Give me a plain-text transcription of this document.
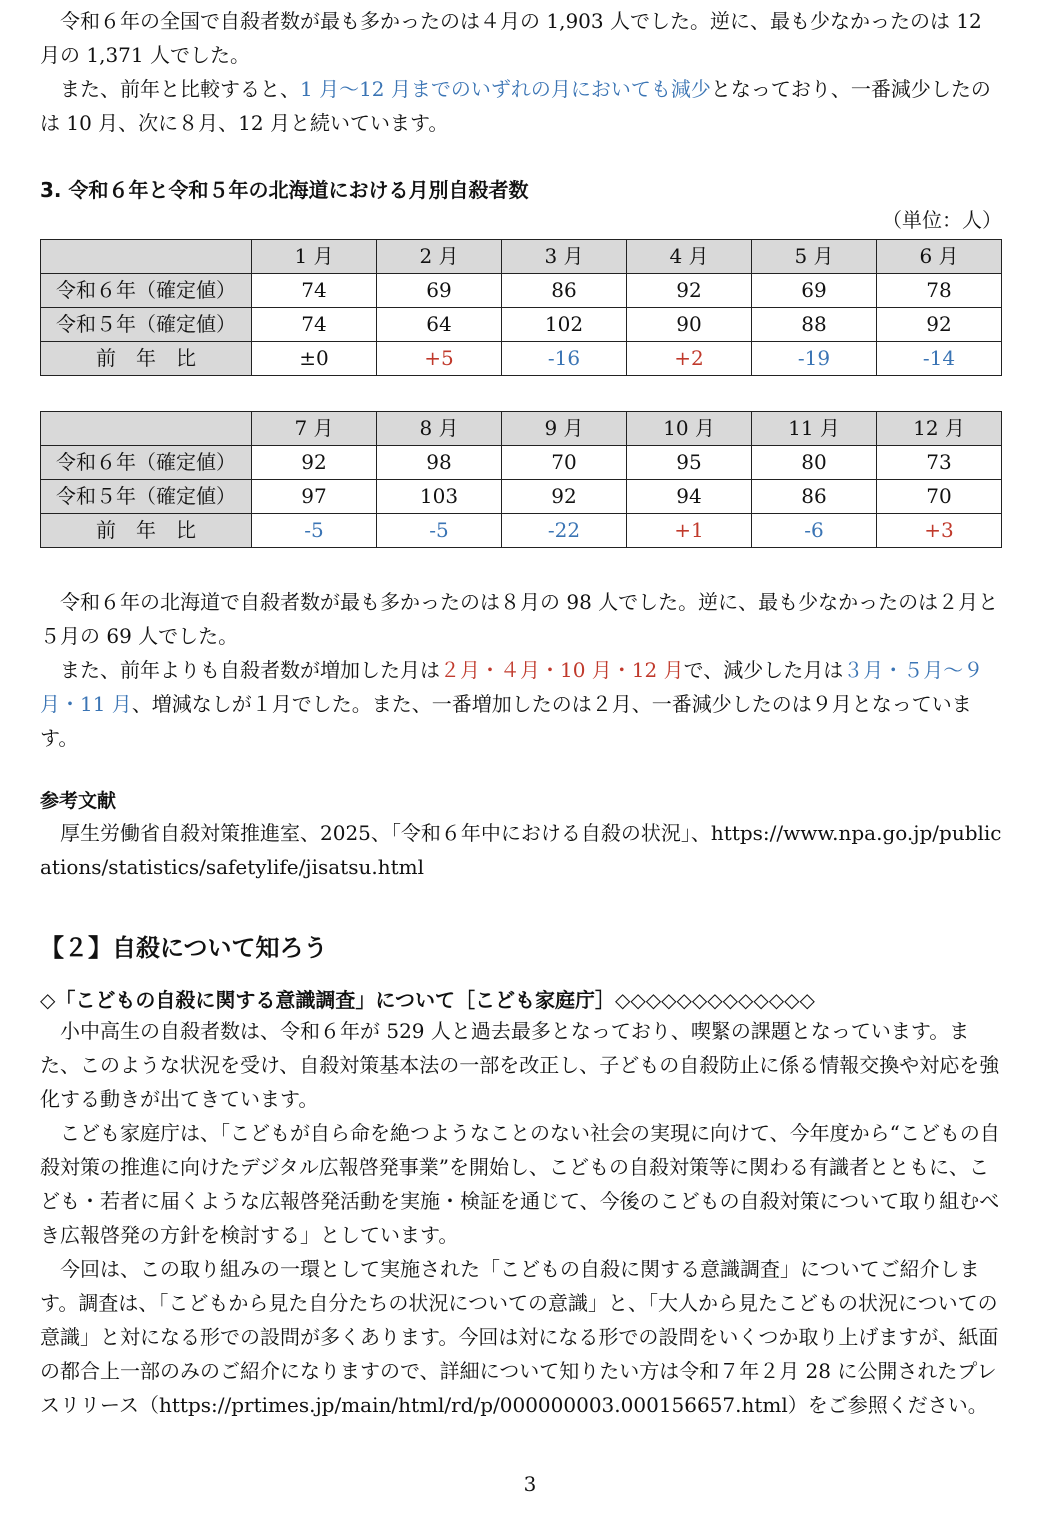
　令和６年の全国で自殺者数が最も多かったのは４月の 1,903 人でした。逆に、最も少なかったのは 12 月の 1,371 人でした。

　また、前年と比較すると、1 月〜12 月までのいずれの月においても減少となっており、一番減少したのは 10 月、次に８月、12 月と続いています。

3. 令和６年と令和５年の北海道における月別自殺者数
（単位：人）
	1 月	2 月	3 月	4 月	5 月	6 月
令和６年（確定値）	74	69	86	92	69	78
令和５年（確定値）	74	64	102	90	88	92
前　年　比	±0	+5	-16	+2	-19	-14
	7 月	8 月	9 月	10 月	11 月	12 月
令和６年（確定値）	92	98	70	95	80	73
令和５年（確定値）	97	103	92	94	86	70
前　年　比	-5	-5	-22	+1	-6	+3

　令和６年の北海道で自殺者数が最も多かったのは８月の 98 人でした。逆に、最も少なかったのは２月と５月の 69 人でした。

　また、前年よりも自殺者数が増加した月は２月・４月・10 月・12 月で、減少した月は３月・５月〜９月・11 月、増減なしが１月でした。また、一番増加したのは２月、一番減少したのは９月となっています。

参考文献

　厚生労働省自殺対策推進室、2025、「令和６年中における自殺の状況」、https://www.npa.go.jp/publications/statistics/safetylife/jisatsu.html

【２】自殺について知ろう
◇「こどもの自殺に関する意識調査」について［こども家庭庁］◇◇◇◇◇◇◇◇◇◇◇◇◇

　小中高生の自殺者数は、令和６年が 529 人と過去最多となっており、喫緊の課題となっています。また、このような状況を受け、自殺対策基本法の一部を改正し、子どもの自殺防止に係る情報交換や対応を強化する動きが出てきています。

　こども家庭庁は、「こどもが自ら命を絶つようなことのない社会の実現に向けて、今年度から“こどもの自殺対策の推進に向けたデジタル広報啓発事業”を開始し、こどもの自殺対策等に関わる有識者とともに、こども・若者に届くような広報啓発活動を実施・検証を通じて、今後のこどもの自殺対策について取り組むべき広報啓発の方針を検討する」としています。

　今回は、この取り組みの一環として実施された「こどもの自殺に関する意識調査」についてご紹介します。調査は、「こどもから見た自分たちの状況についての意識」と、「大人から見たこどもの状況についての意識」と対になる形での設問が多くあります。今回は対になる形での設問をいくつか取り上げますが、紙面の都合上一部のみのご紹介になりますので、詳細について知りたい方は令和７年２月 28 に公開されたプレスリリース（https://prtimes.jp/main/html/rd/p/000000003.000156657.html）をご参照ください。

3
